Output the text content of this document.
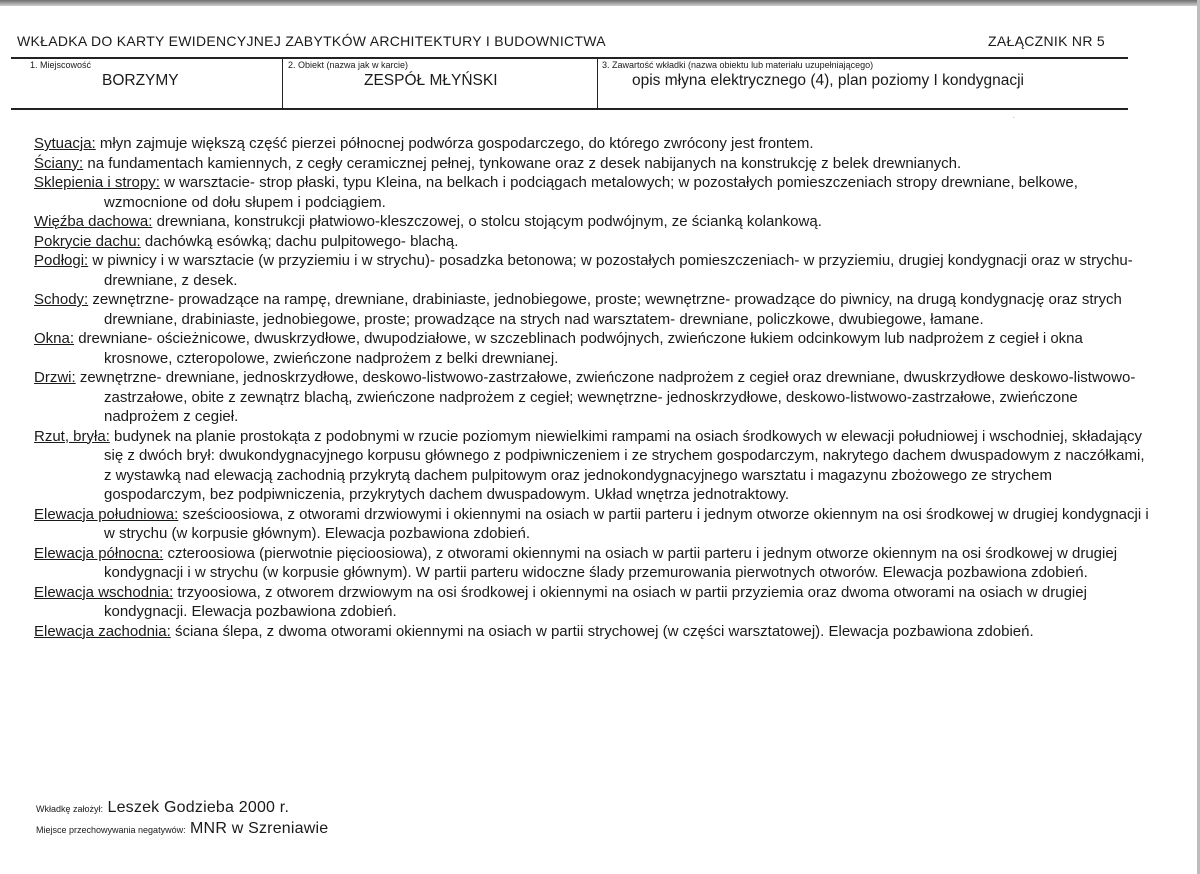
WKŁADKA DO KARTY EWIDENCYJNEJ ZABYTKÓW ARCHITEKTURY I BUDOWNICTWA	ZAŁĄCZNIK NR 5
1. Miejscowość
BORZYMY
2. Obiekt (nazwa jak w karcie)
ZESPÓŁ MŁYŃSKI
3. Zawartość wkładki (nazwa obiektu lub materiału uzupełniającego)
opis młyna elektrycznego (4), plan poziomy I kondygnacji
·
Sytuacja: młyn zajmuje większą część pierzei północnej podwórza gospodarczego, do którego zwrócony jest frontem.
Ściany: na fundamentach kamiennych, z cegły ceramicznej pełnej, tynkowane oraz z desek nabijanych na konstrukcję z belek drewnianych.
Sklepienia i stropy: w warsztacie- strop płaski, typu Kleina, na belkach i podciągach metalowych; w pozostałych pomieszczeniach stropy drewniane, belkowe, wzmocnione od dołu słupem i podciągiem.
Więźba dachowa: drewniana, konstrukcji płatwiowo-kleszczowej, o stolcu stojącym podwójnym, ze ścianką kolankową.
Pokrycie dachu: dachówką esówką; dachu pulpitowego- blachą.
Podłogi: w piwnicy i w warsztacie (w przyziemiu i w strychu)- posadzka betonowa; w pozostałych pomieszczeniach- w przyziemiu, drugiej kondygnacji oraz w strychu- drewniane, z desek.
Schody: zewnętrzne- prowadzące na rampę, drewniane, drabiniaste, jednobiegowe, proste; wewnętrzne- prowadzące do piwnicy, na drugą kondygnację oraz strych drewniane, drabiniaste, jednobiegowe, proste; prowadzące na strych nad warsztatem- drewniane, policzkowe, dwubiegowe, łamane.
Okna: drewniane- ościeżnicowe, dwuskrzydłowe, dwupodziałowe, w szczeblinach podwójnych, zwieńczone łukiem odcinkowym lub nadprożem z cegieł i okna krosnowe, czteropolowe, zwieńczone nadprożem z belki drewnianej.
Drzwi: zewnętrzne- drewniane, jednoskrzydłowe, deskowo-listwowo-zastrzałowe, zwieńczone nadprożem z cegieł oraz drewniane, dwuskrzydłowe deskowo-listwowo-zastrzałowe, obite z zewnątrz blachą, zwieńczone nadprożem z cegieł; wewnętrzne- jednoskrzydłowe, deskowo-listwowo-zastrzałowe, zwieńczone nadprożem z cegieł.
Rzut, bryła: budynek na planie prostokąta z podobnymi w rzucie poziomym niewielkimi rampami na osiach środkowych w elewacji południowej i wschodniej, składający się z dwóch brył: dwukondygnacyjnego korpusu głównego z podpiwniczeniem i ze strychem gospodarczym, nakrytego dachem dwuspadowym z naczółkami, z wystawką nad elewacją zachodnią przykrytą dachem pulpitowym oraz jednokondygnacyjnego warsztatu i magazynu zbożowego ze strychem gospodarczym, bez podpiwniczenia, przykrytych dachem dwuspadowym. Układ wnętrza jednotraktowy.
Elewacja południowa: sześcioosiowa, z otworami drzwiowymi i okiennymi na osiach w partii parteru i jednym otworze okiennym na osi środkowej w drugiej kondygnacji i w strychu (w korpusie głównym). Elewacja pozbawiona zdobień.
Elewacja północna: czteroosiowa (pierwotnie pięcioosiowa), z otworami okiennymi na osiach w partii parteru i jednym otworze okiennym na osi środkowej w drugiej kondygnacji i w strychu (w korpusie głównym). W partii parteru widoczne ślady przemurowania pierwotnych otworów. Elewacja pozbawiona zdobień.
Elewacja wschodnia: trzyoosiowa, z otworem drzwiowym na osi środkowej i okiennymi na osiach w partii przyziemia oraz dwoma otworami na osiach w drugiej kondygnacji. Elewacja pozbawiona zdobień.
Elewacja zachodnia: ściana ślepa, z dwoma otworami okiennymi na osiach w partii strychowej (w części warsztatowej). Elewacja pozbawiona zdobień.
Wkładkę założył: Leszek Godzieba 2000 r.
Miejsce przechowywania negatywów: MNR w Szreniawie
